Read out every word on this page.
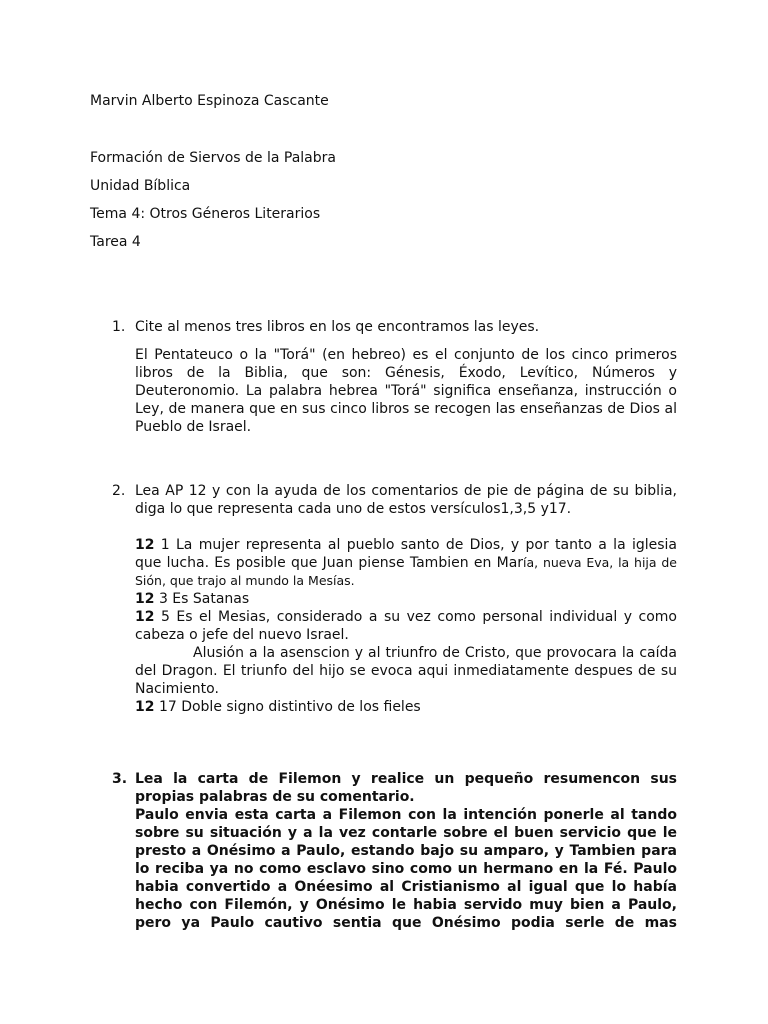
Marvin Alberto Espinoza Cascante
Formación de Siervos de la Palabra
Unidad Bíblica
Tema 4: Otros Géneros Literarios
Tarea 4
1. Cite al menos tres libros en los qe encontramos las leyes.

El Pentateuco o la "Torá" (en hebreo) es el conjunto de los cinco primeros libros de la Biblia, que son: Génesis, Éxodo, Levítico, Números y Deuteronomio. La palabra hebrea "Torá" significa enseñanza, instrucción o Ley, de manera que en sus cinco libros se recogen las enseñanzas de Dios al Pueblo de Israel.

2. Lea AP 12 y con la ayuda de los comentarios de pie de página de su biblia, diga lo que representa cada uno de estos versículos1,3,5 y17.

12 1 La mujer representa al pueblo santo de Dios, y por tanto a la iglesia que lucha. Es posible que Juan piense Tambien en María, nueva Eva, la hija de Sión, que trajo al mundo la Mesías.

12 3 Es Satanas

12 5 Es el Mesias, considerado a su vez como personal individual y como cabeza o jefe del nuevo Israel.

Alusión a la asenscion y al triunfro de Cristo, que provocara la caída del Dragon. El triunfo del hijo se evoca aqui inmediatamente despues de su Nacimiento.

12 17 Doble signo distintivo de los fieles

3. Lea la carta de Filemon y realice un pequeño resumencon sus propias palabras de su comentario.

Paulo envia esta carta a Filemon con la intención ponerle al tando sobre su situación y a la vez contarle sobre el buen servicio que le presto a Onésimo a Paulo, estando bajo su amparo, y Tambien para lo reciba ya no como esclavo sino como un hermano en la Fé. Paulo habia convertido a Onéesimo al Cristianismo al igual que lo había hecho con Filemón, y Onésimo le habia servido muy bien a Paulo, pero ya Paulo cautivo sentia que Onésimo podia serle de mas
